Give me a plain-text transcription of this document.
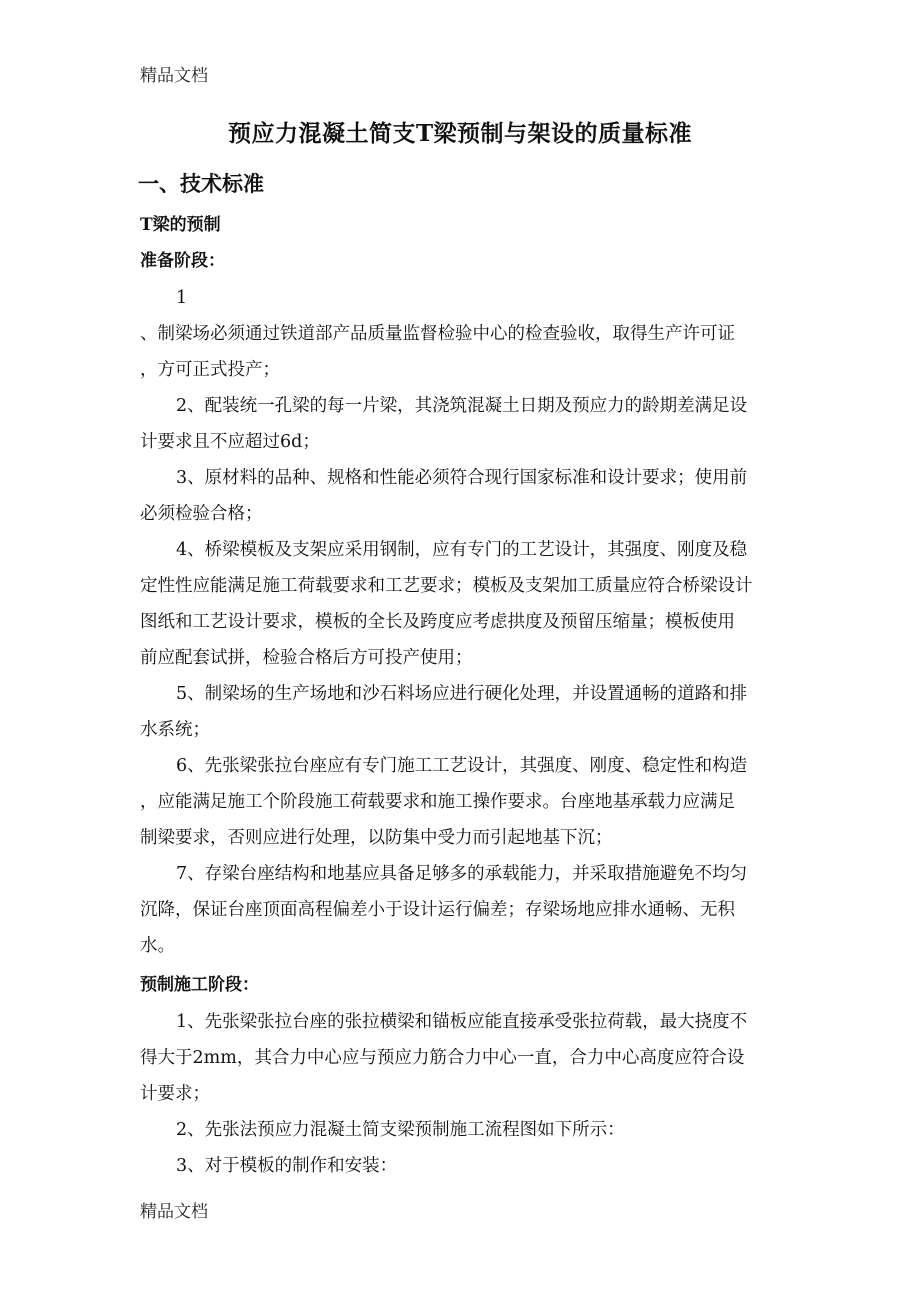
精品文档
预应力混凝土简支T梁预制与架设的质量标准
一、技术标准
T梁的预制
准备阶段：
1
、制梁场必须通过铁道部产品质量监督检验中心的检查验收，取得生产许可证
，方可正式投产；
2、配装统一孔梁的每一片梁，其浇筑混凝土日期及预应力的龄期差满足设
计要求且不应超过6d；
3、原材料的品种、规格和性能必须符合现行国家标准和设计要求；使用前
必须检验合格；
4、桥梁模板及支架应采用钢制，应有专门的工艺设计，其强度、刚度及稳
定性性应能满足施工荷载要求和工艺要求；模板及支架加工质量应符合桥梁设计
图纸和工艺设计要求，模板的全长及跨度应考虑拱度及预留压缩量；模板使用
前应配套试拼，检验合格后方可投产使用；
5、制梁场的生产场地和沙石料场应进行硬化处理，并设置通畅的道路和排
水系统；
6、先张梁张拉台座应有专门施工工艺设计，其强度、刚度、稳定性和构造
，应能满足施工个阶段施工荷载要求和施工操作要求。台座地基承载力应满足
制梁要求，否则应进行处理，以防集中受力而引起地基下沉；
7、存梁台座结构和地基应具备足够多的承载能力，并采取措施避免不均匀
沉降，保证台座顶面高程偏差小于设计运行偏差；存梁场地应排水通畅、无积
水。
预制施工阶段：
1、先张梁张拉台座的张拉横梁和锚板应能直接承受张拉荷载，最大挠度不
得大于2mm，其合力中心应与预应力筋合力中心一直，合力中心高度应符合设
计要求；
2、先张法预应力混凝土简支梁预制施工流程图如下所示：
3、对于模板的制作和安装：
精品文档
